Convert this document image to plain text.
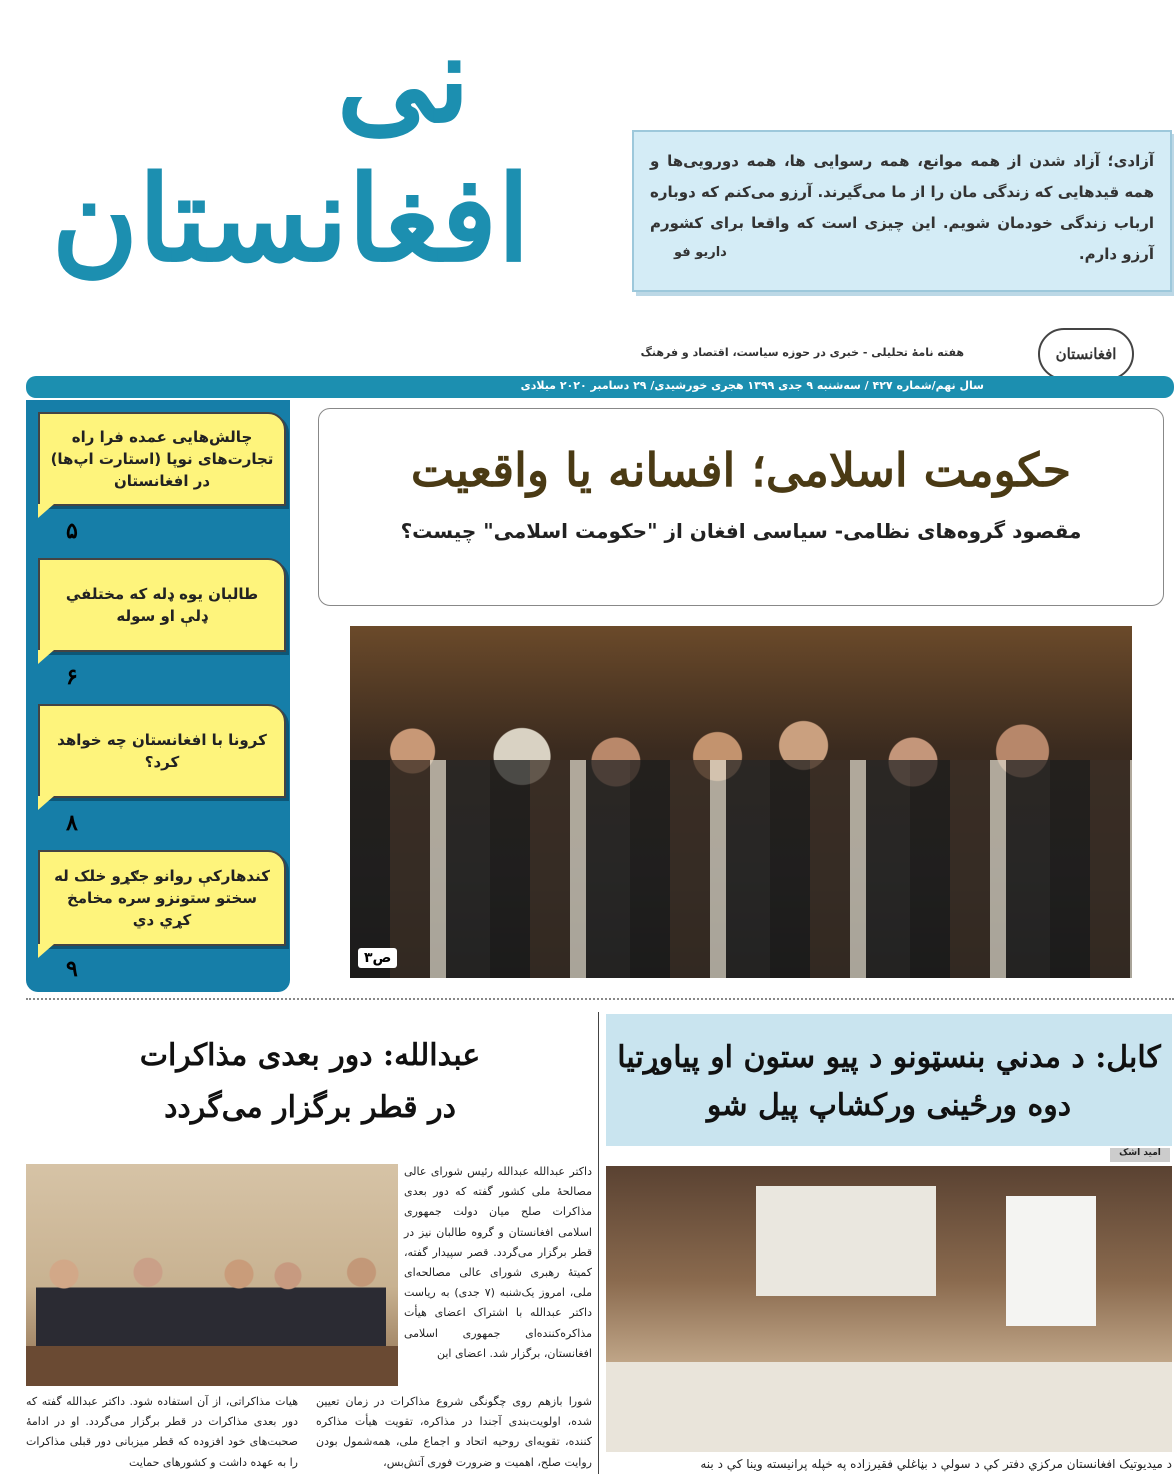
نی
افغانستان	آزادی؛ آزاد شدن از همه موانع، همه رسوایی ها، همه دورویی‌ها و همه قیدهایی که زندگی مان را از ما می‌گیرند. آرزو می‌کنم که دوباره ارباب زندگی خودمان شویم. این چیزی است که واقعا برای کشورم آرزو دارم.
داریو فو
افغانستان
هفته نامهٔ تحلیلی - خبری در حوزه سیاست، اقتصاد و فرهنگ
سال نهم/شماره ۴۲۷ / سه‌شنبه ۹ جدی ۱۳۹۹ هجری خورشیدی/ ۲۹ دسامبر ۲۰۲۰ میلادی
چالش‌هایی عمده فرا راه تجارت‌های نوپا (استارت اپ‌ها) در افغانستان
۵
طالبان یوه ډله که مختلفي ډلې او سوله
۶
کرونا با افغانستان چه خواهد کرد؟
۸
کندهارکې روانو جګړو خلک له سختو ستونزو سره مخامخ کړي دي
۹
حکومت اسلامی؛ افسانه یا واقعیت
مقصود گروه‌های نظامی- سیاسی افغان از "حکومت اسلامی" چیست؟
ص۳
کابل: د مدني بنسټونو د پیو ستون او پیاوړتیا
دوه ورځینی ورکشاپ پیل شو
امید اشک
د میدیوتیک افغانستان مرکزي دفتر کې د سولې د بڼاغلي فقیرزاده په خپله پرانیسته وینا کې د بنه
عبدالله: دور بعدی مذاکرات
در قطر برگزار می‌گردد
داکتر عبدالله عبدالله رئیس شورای عالی مصالحهٔ ملی کشور گفته که دور بعدی مذاکرات صلح میان دولت جمهوری اسلامی افغانستان و گروه طالبان نیز در قطر برگزار می‌گردد. قصر سپیدار گفته، کمیتهٔ رهبری شورای عالی مصالحه‌ای ملی، امروز یک‌شنبه (۷ جدی) به ریاست داکتر عبدالله با اشتراک اعضای هیأت مذاکره‌کننده‌ای جمهوری اسلامی افغانستان، برگزار شد. اعضای این
شورا بازهم روی چگونگی شروع مذاکرات در زمان تعیین شده، اولویت‌بندی آجندا در مذاکره، تقویت هیأت مذاکره کننده، تقویه‌ای روحیه اتحاد و اجماع ملی، همه‌شمول بودن روایت صلح، اهمیت و ضرورت فوری آتش‌بس،
هیات مذاکراتی، از آن استفاده شود. داکتر عبدالله گفته که دور بعدی مذاکرات در قطر برگزار می‌گردد. او در ادامهٔ صحبت‌های خود افزوده که قطر میزبانی دور قبلی مذاکرات را به عهده داشت و کشورهای حمایت
